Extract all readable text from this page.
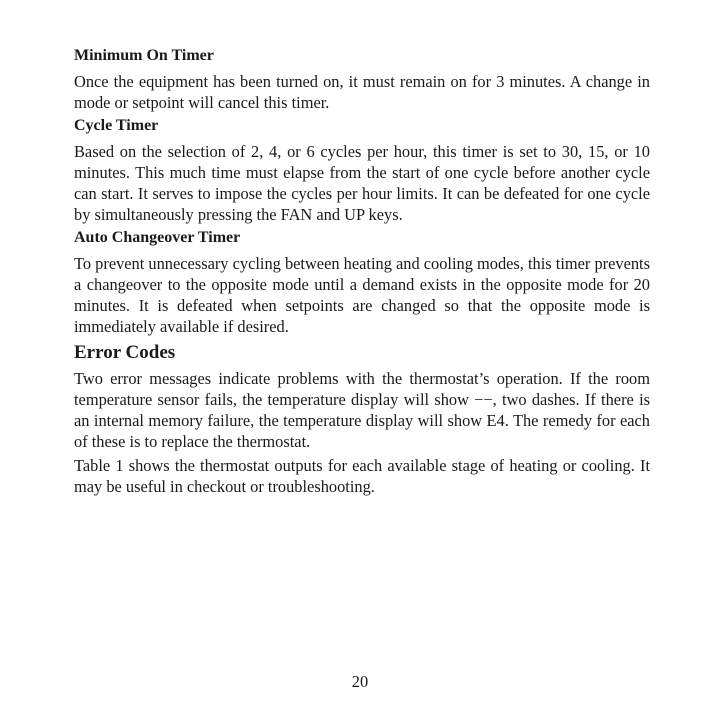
Minimum On Timer
Once the equipment has been turned on, it must remain on for 3 minutes. A change in mode or setpoint will cancel this timer.
Cycle Timer
Based on the selection of 2, 4, or 6 cycles per hour, this timer is set to 30, 15, or 10 minutes. This much time must elapse from the start of one cycle before another cycle can start. It serves to impose the cycles per hour limits. It can be defeated for one cycle by simultaneously pressing the FAN and UP keys.
Auto Changeover Timer
To prevent unnecessary cycling between heating and cooling modes, this timer prevents a changeover to the opposite mode until a demand exists in the opposite mode for 20 minutes. It is defeated when setpoints are changed so that the opposite mode is immediately available if desired.
Error Codes
Two error messages indicate problems with the thermostat’s operation. If the room temperature sensor fails, the temperature display will show −−, two dashes. If there is an internal memory failure, the temperature display will show E4. The remedy for each of these is to replace the thermostat.
Table 1 shows the thermostat outputs for each available stage of heating or cooling. It may be useful in checkout or troubleshooting.
20
